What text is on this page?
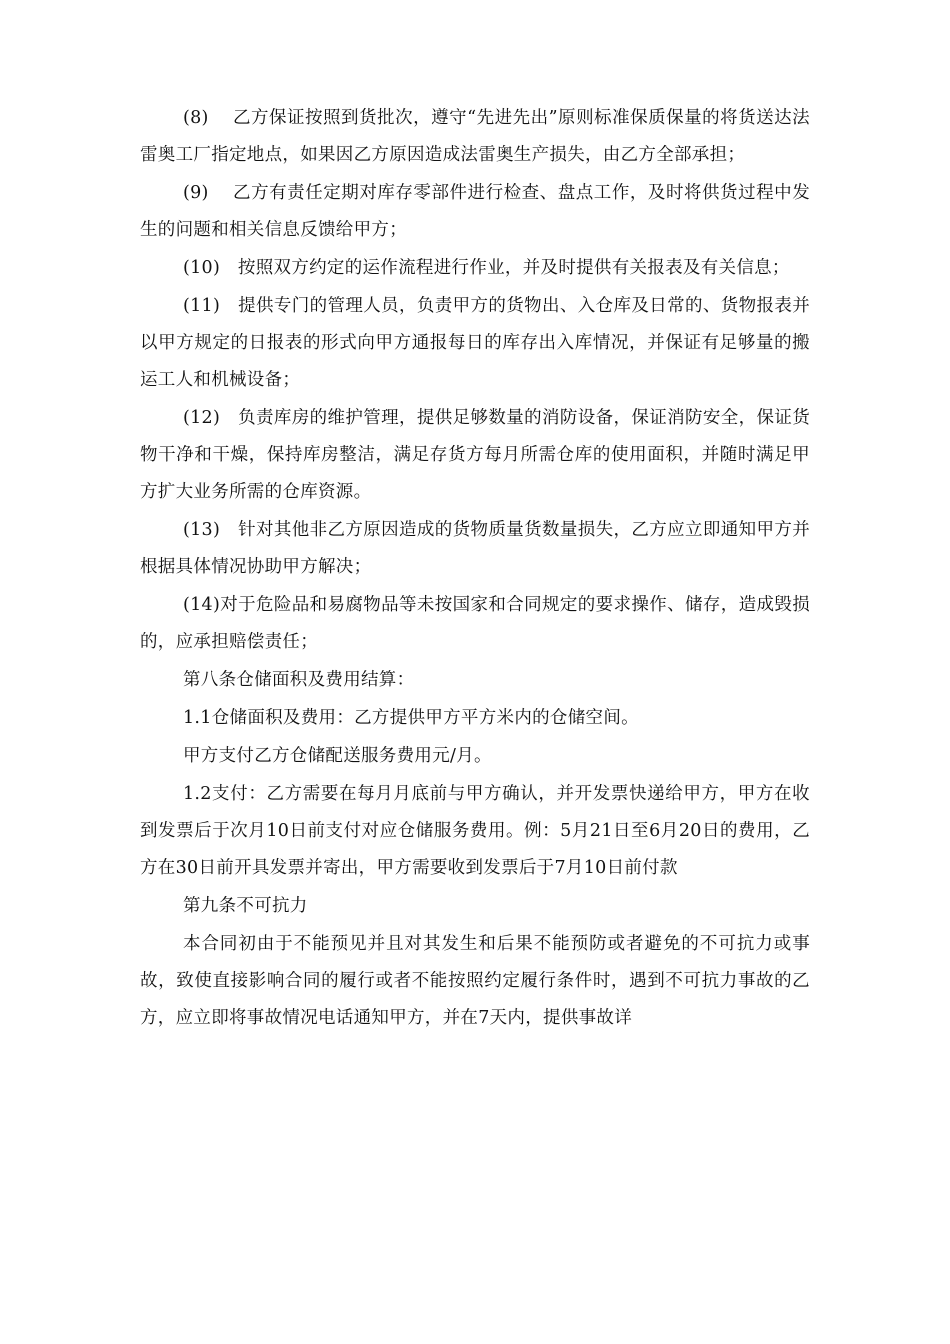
(8)　 乙方保证按照到货批次，遵守“先进先出”原则标准保质保量的将货送达法雷奥工厂指定地点，如果因乙方原因造成法雷奥生产损失，由乙方全部承担；

(9)　 乙方有责任定期对库存零部件进行检查、盘点工作，及时将供货过程中发生的问题和相关信息反馈给甲方；

(10)　按照双方约定的运作流程进行作业，并及时提供有关报表及有关信息；

(11)　提供专门的管理人员，负责甲方的货物出、入仓库及日常的、货物报表并以甲方规定的日报表的形式向甲方通报每日的库存出入库情况，并保证有足够量的搬运工人和机械设备；

(12)　负责库房的维护管理，提供足够数量的消防设备，保证消防安全，保证货物干净和干燥，保持库房整洁，满足存货方每月所需仓库的使用面积，并随时满足甲方扩大业务所需的仓库资源。

(13)　针对其他非乙方原因造成的货物质量货数量损失，乙方应立即通知甲方并根据具体情况协助甲方解决；

(14)对于危险品和易腐物品等未按国家和合同规定的要求操作、储存，造成毁损的，应承担赔偿责任；

第八条仓储面积及费用结算：

1.1仓储面积及费用：乙方提供甲方平方米内的仓储空间。

甲方支付乙方仓储配送服务费用元/月。

1.2支付：乙方需要在每月月底前与甲方确认，并开发票快递给甲方，甲方在收到发票后于次月10日前支付对应仓储服务费用。例：5月21日至6月20日的费用，乙方在30日前开具发票并寄出，甲方需要收到发票后于7月10日前付款

第九条不可抗力

本合同初由于不能预见并且对其发生和后果不能预防或者避免的不可抗力或事故，致使直接影响合同的履行或者不能按照约定履行条件时，遇到不可抗力事故的乙方，应立即将事故情况电话通知甲方，并在7天内，提供事故详
